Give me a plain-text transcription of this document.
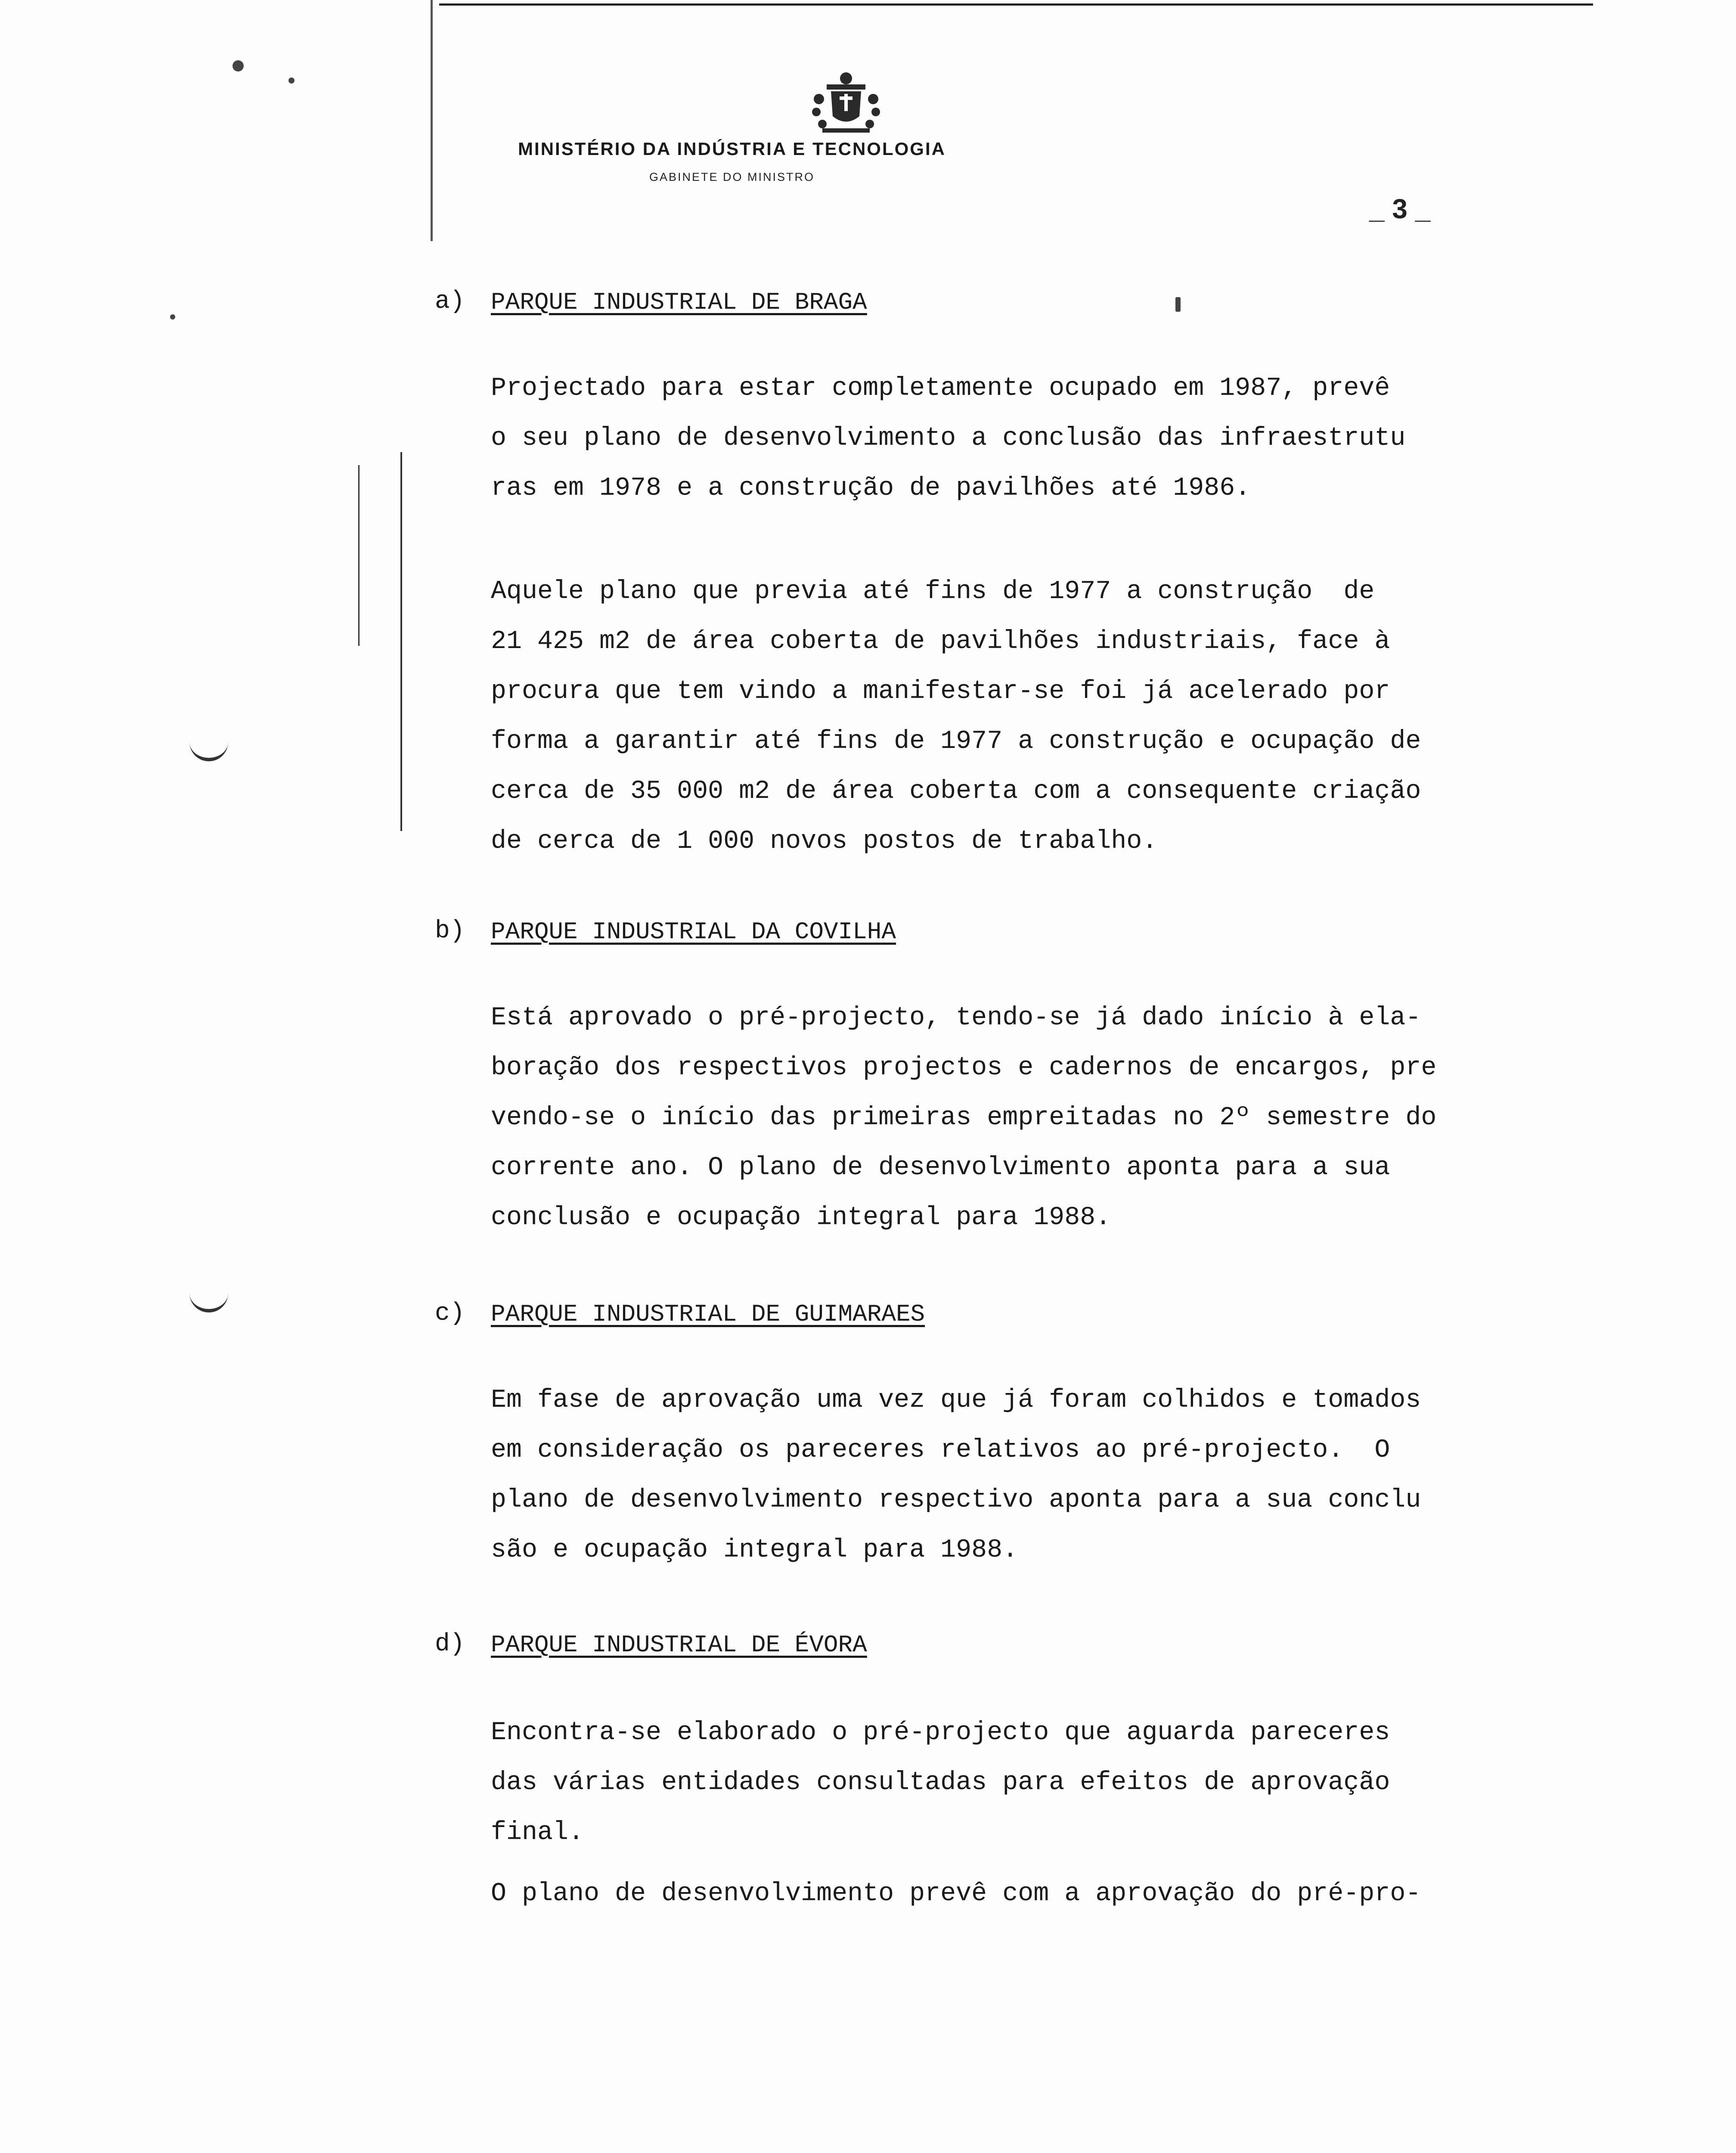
MINISTÉRIO DA INDÚSTRIA E TECNOLOGIA
GABINETE DO MINISTRO
_ 3 _
a) PARQUE INDUSTRIAL DE BRAGA
Projectado para estar completamente ocupado em 1987, prevê
o seu plano de desenvolvimento a conclusão das infraestrutu
ras em 1978 e a construção de pavilhões até 1986.
Aquele plano que previa até fins de 1977 a construção  de
21 425 m2 de área coberta de pavilhões industriais, face à
procura que tem vindo a manifestar-se foi já acelerado por
forma a garantir até fins de 1977 a construção e ocupação de
cerca de 35 000 m2 de área coberta com a consequente criação
de cerca de 1 000 novos postos de trabalho.
b) PARQUE INDUSTRIAL DA COVILHA
Está aprovado o pré-projecto, tendo-se já dado início à ela-
boração dos respectivos projectos e cadernos de encargos, pre
vendo-se o início das primeiras empreitadas no 2º semestre do
corrente ano. O plano de desenvolvimento aponta para a sua
conclusão e ocupação integral para 1988.
c) PARQUE INDUSTRIAL DE GUIMARAES
Em fase de aprovação uma vez que já foram colhidos e tomados
em consideração os pareceres relativos ao pré-projecto.  O
plano de desenvolvimento respectivo aponta para a sua conclu
são e ocupação integral para 1988.
d) PARQUE INDUSTRIAL DE ÉVORA
Encontra-se elaborado o pré-projecto que aguarda pareceres
das várias entidades consultadas para efeitos de aprovação
final.
O plano de desenvolvimento prevê com a aprovação do pré-pro-
